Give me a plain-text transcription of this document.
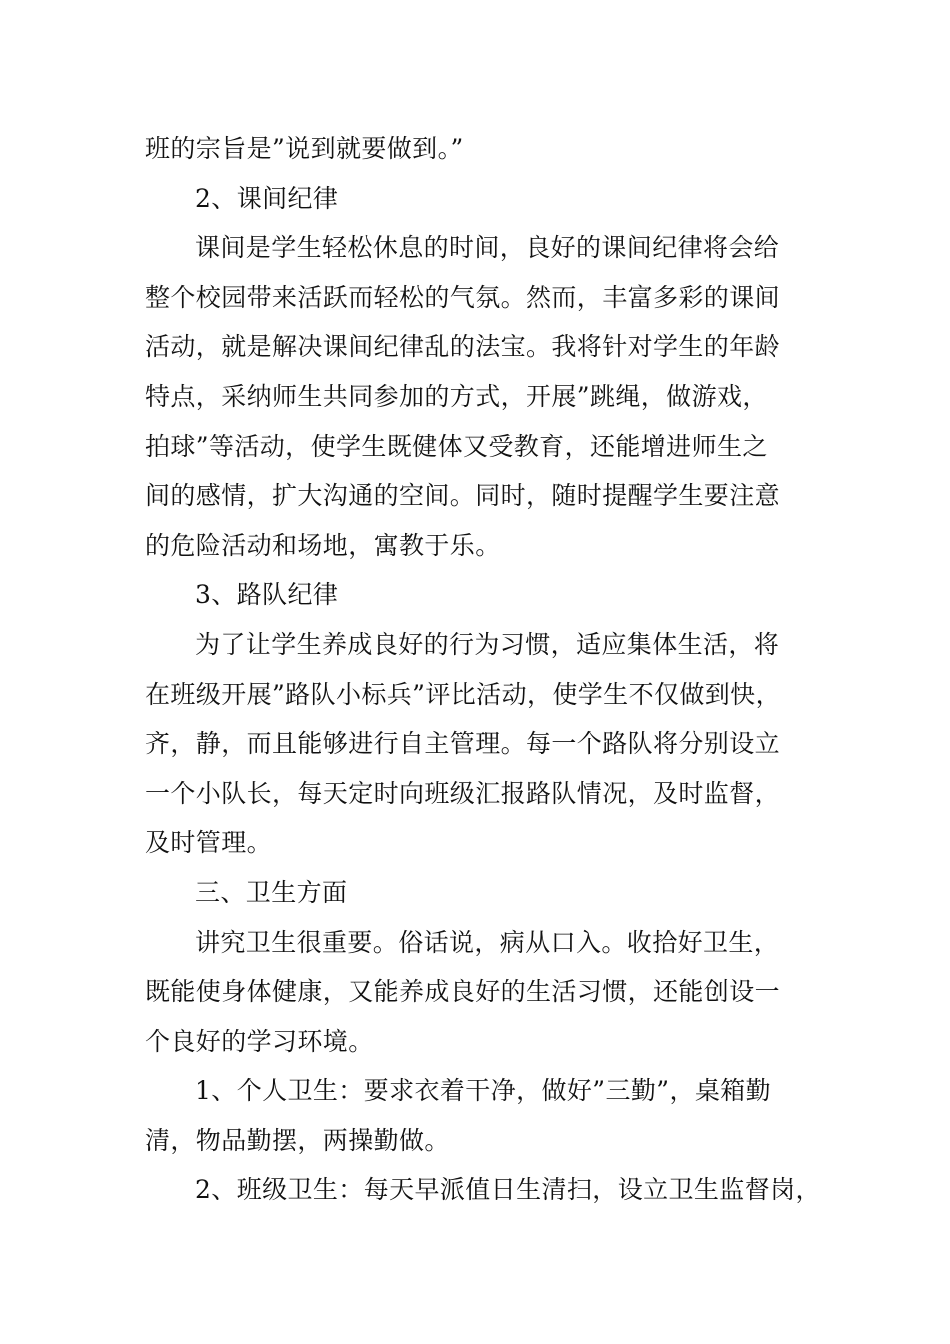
班的宗旨是”说到就要做到。”
2、课间纪律
课间是学生轻松休息的时间，良好的课间纪律将会给
整个校园带来活跃而轻松的气氛。然而，丰富多彩的课间
活动，就是解决课间纪律乱的法宝。我将针对学生的年龄
特点，采纳师生共同参加的方式，开展”跳绳，做游戏，
拍球”等活动，使学生既健体又受教育，还能增进师生之
间的感情，扩大沟通的空间。同时，随时提醒学生要注意
的危险活动和场地，寓教于乐。
3、路队纪律
为了让学生养成良好的行为习惯，适应集体生活，将
在班级开展”路队小标兵”评比活动，使学生不仅做到快，
齐，静，而且能够进行自主管理。每一个路队将分别设立
一个小队长，每天定时向班级汇报路队情况，及时监督，
及时管理。
三、卫生方面
讲究卫生很重要。俗话说，病从口入。收拾好卫生，
既能使身体健康，又能养成良好的生活习惯，还能创设一
个良好的学习环境。
1、个人卫生：要求衣着干净，做好”三勤”，桌箱勤
清，物品勤摆，两操勤做。
2、班级卫生：每天早派值日生清扫，设立卫生监督岗，
